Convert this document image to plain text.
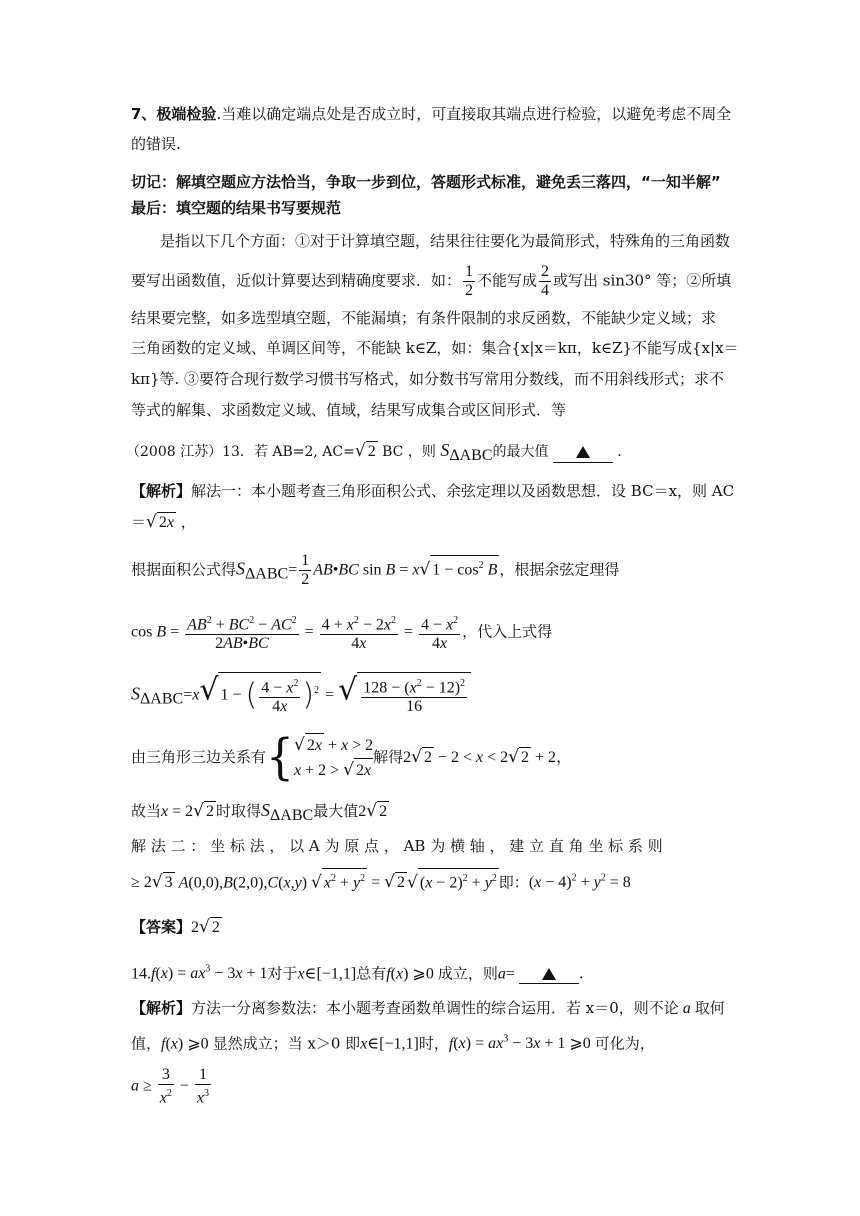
7、极端检验.当难以确定端点处是否成立时，可直接取其端点进行检验，以避免考虑不周全
的错误.
切记：解填空题应方法恰当，争取一步到位，答题形式标准，避免丢三落四，“一知半解”
最后：填空题的结果书写要规范
是指以下几个方面：①对于计算填空题，结果往往要化为最简形式，特殊角的三角函数
要写出函数值，近似计算要达到精确度要求．如： $\frac{1}{2}$ 不能写成 $\frac{2}{4}$ 或写出 sin30° 等；②所填
结果要完整，如多选型填空题，不能漏填；有条件限制的求反函数，不能缺少定义域；求
三角函数的定义域、单调区间等，不能缺 k∈Z，如：集合{x|x＝kπ，k∈Z}不能写成{x|x＝
kπ}等. ③要符合现行数学习惯书写格式，如分数书写常用分数线，而不用斜线形式；求不
等式的解集、求函数定义域、值域，结果写成集合或区间形式．等
（2008 江苏）13．若 AB=2, AC=√ 2 BC ，则 $S_{\Delta ABC}$的最大值	．
【解析】解法一：本小题考查三角形面积公式、余弦定理以及函数思想．设 BC＝x，则 AC
＝√ 2x ，
根据面积公式得$S_{\Delta ABC}= \frac{1}{2}$ AB•BC sin B = x√ $1 - \cos^2 B$ ，根据余弦定理得
$\cos B = \frac{AB^2 + BC^2 - AC^2}{2AB•BC} = \frac{4 + x^2 - 2x^2}{4x} = \frac{4 - x^2}{4x}$ ，代入上式得
$S_{\Delta ABC}=x√$ 1 − ( $\frac{4 - x^2}{4x} )^2$ = √ $\frac{128 - (x^2 - 12)^2}{16}$
由三角形三边关系有{ √ 2x + x > 2
x + 2 > √ 2x
解得2√ 2 − 2 < x < 2√ 2 + 2，
故当x = 2√ 2 时取得$S_{\Delta ABC}$最大值2√ 2
解 法 二 ： 坐 标 法 ， 以 A 为 原 点 ， AB 为 横 轴 ， 建 立 直 角 坐 标 系 则
≥ 2√ 3 A(0,0),B(2,0),C(x,y) √ $x^2 + y^2$ = √ 2 √ $(x - 2)^2 + y^2$ 即：$(x - 4)^2 + y^2 = 8$
【答案】2√ 2
$14.f(x) = ax^3 - 3x + 1$对于x∈[−1,1]总有f(x) ⩾0 成立，则a=	.
【解析】方法一分离参数法：本小题考查函数单调性的综合运用．若 x＝0，则不论 a 取何
值，f(x) ⩾0 显然成立；当 x＞0 即x∈[−1,1]时，$f(x) = ax^3 - 3x + 1$ ⩾0 可化为，
$a \ge \frac{3}{x^2} - \frac{1}{x^3}$
